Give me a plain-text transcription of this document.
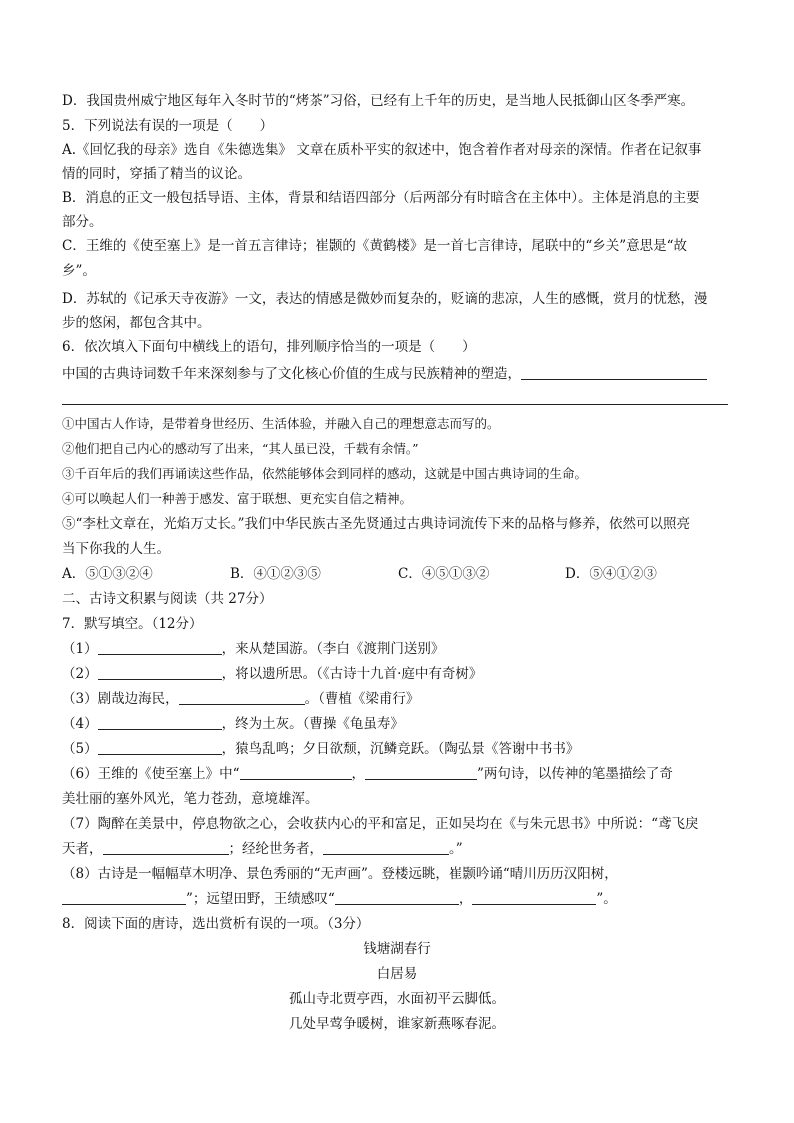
D．我国贵州威宁地区每年入冬时节的“烤茶”习俗，已经有上千年的历史，是当地人民抵御山区冬季严寒。
5．下列说法有误的一项是（　　）
A.《回忆我的母亲》选自《朱德选集》 文章在质朴平实的叙述中，饱含着作者对母亲的深情。作者在记叙事
情的同时，穿插了精当的议论。
B．消息的正文一般包括导语、主体，背景和结语四部分（后两部分有时暗含在主体中）。主体是消息的主要
部分。
C．王维的《使至塞上》是一首五言律诗；崔颢的《黄鹤楼》是一首七言律诗，尾联中的“乡关”意思是“故
乡”。
D．苏轼的《记承天寺夜游》一文，表达的情感是微妙而复杂的，贬谪的悲凉，人生的感慨，赏月的忧愁，漫
步的悠闲，都包含其中。
6．依次填入下面句中横线上的语句，排列顺序恰当的一项是（　　）
中国的古典诗词数千年来深刻参与了文化核心价值的生成与民族精神的塑造，
①中国古人作诗，是带着身世经历、生活体验，并融入自己的理想意志而写的。
②他们把自己内心的感动写了出来，“其人虽已没，千载有余情。”
③千百年后的我们再诵读这些作品，依然能够体会到同样的感动，这就是中国古典诗词的生命。
④可以唤起人们一种善于感发、富于联想、更充实自信之精神。
⑤“李杜文章在，光焰万丈长。”我们中华民族古圣先贤通过古典诗词流传下来的品格与修养，依然可以照亮
当下你我的人生。
A．⑤①③②④	B．④①②③⑤	C．④⑤①③②	D．⑤④①②③
二、古诗文积累与阅读（共 27分）
7．默写填空。（12分）
（1）	，来从楚国游。（李白《渡荆门送别》
（2）	，将以遗所思。（《古诗十九首·庭中有奇树》
（3）剧哉边海民，	。（曹植《梁甫行》
（4）	，终为土灰。（曹操《龟虽寿》
（5）	，猿鸟乱鸣；夕日欲颓，沉鳞竞跃。（陶弘景《答谢中书书》
（6）王维的《使至塞上》中“	，	”两句诗，以传神的笔墨描绘了奇
美壮丽的塞外风光，笔力苍劲，意境雄浑。
（7）陶醉在美景中，停息物欲之心，会收获内心的平和富足，正如吴均在《与朱元思书》中所说：“鸢飞戾
天者，	；经纶世务者，	。”
（8）古诗是一幅幅草木明净、景色秀丽的“无声画”。登楼远眺，崔颢吟诵“晴川历历汉阳树，
”；远望田野，王绩感叹“	，	”。
8．阅读下面的唐诗，选出赏析有误的一项。（3分）
钱塘湖春行
白居易
孤山寺北贾亭西，水面初平云脚低。
几处早莺争暖树，谁家新燕啄春泥。
